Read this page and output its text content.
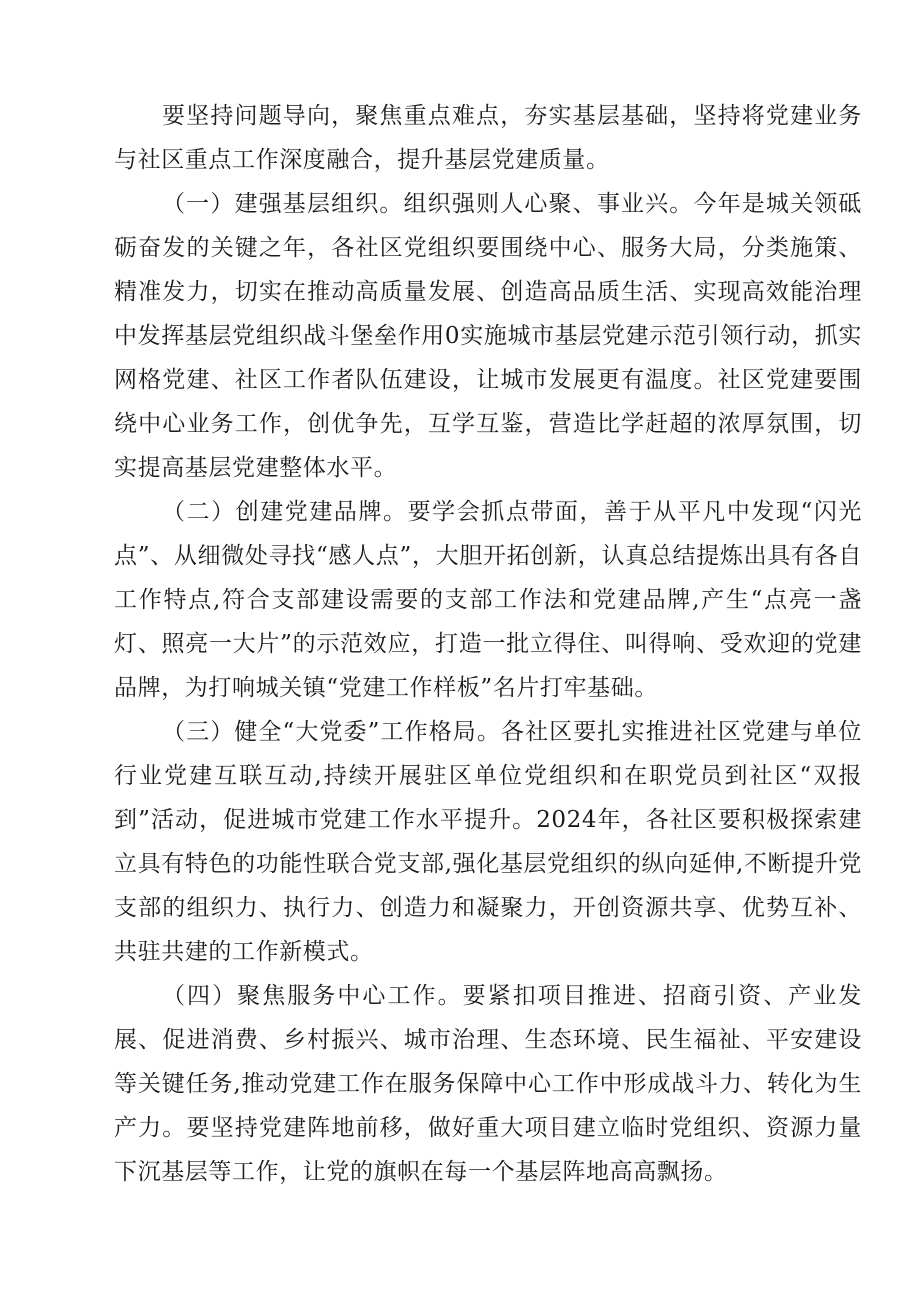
要坚持问题导向，聚焦重点难点，夯实基层基础，坚持将党建业务与社区重点工作深度融合，提升基层党建质量。

（一）建强基层组织。组织强则人心聚、事业兴。今年是城关领砥砺奋发的关键之年，各社区党组织要围绕中心、服务大局，分类施策、精准发力，切实在推动高质量发展、创造高品质生活、实现高效能治理中发挥基层党组织战斗堡垒作用0实施城市基层党建示范引领行动，抓实网格党建、社区工作者队伍建设，让城市发展更有温度。社区党建要围绕中心业务工作，创优争先，互学互鉴，营造比学赶超的浓厚氛围，切实提高基层党建整体水平。

（二）创建党建品牌。要学会抓点带面，善于从平凡中发现“闪光点”、从细微处寻找“感人点”，大胆开拓创新，认真总结提炼出具有各自工作特点,符合支部建设需要的支部工作法和党建品牌,产生“点亮一盏灯、照亮一大片”的示范效应，打造一批立得住、叫得响、受欢迎的党建品牌，为打响城关镇“党建工作样板”名片打牢基础。

（三）健全“大党委”工作格局。各社区要扎实推进社区党建与单位行业党建互联互动,持续开展驻区单位党组织和在职党员到社区“双报到”活动，促进城市党建工作水平提升。2024年，各社区要积极探索建立具有特色的功能性联合党支部,强化基层党组织的纵向延伸,不断提升党支部的组织力、执行力、创造力和凝聚力，开创资源共享、优势互补、共驻共建的工作新模式。

（四）聚焦服务中心工作。要紧扣项目推进、招商引资、产业发展、促进消费、乡村振兴、城市治理、生态环境、民生福祉、平安建设等关键任务,推动党建工作在服务保障中心工作中形成战斗力、转化为生产力。要坚持党建阵地前移，做好重大项目建立临时党组织、资源力量下沉基层等工作，让党的旗帜在每一个基层阵地高高飘扬。
